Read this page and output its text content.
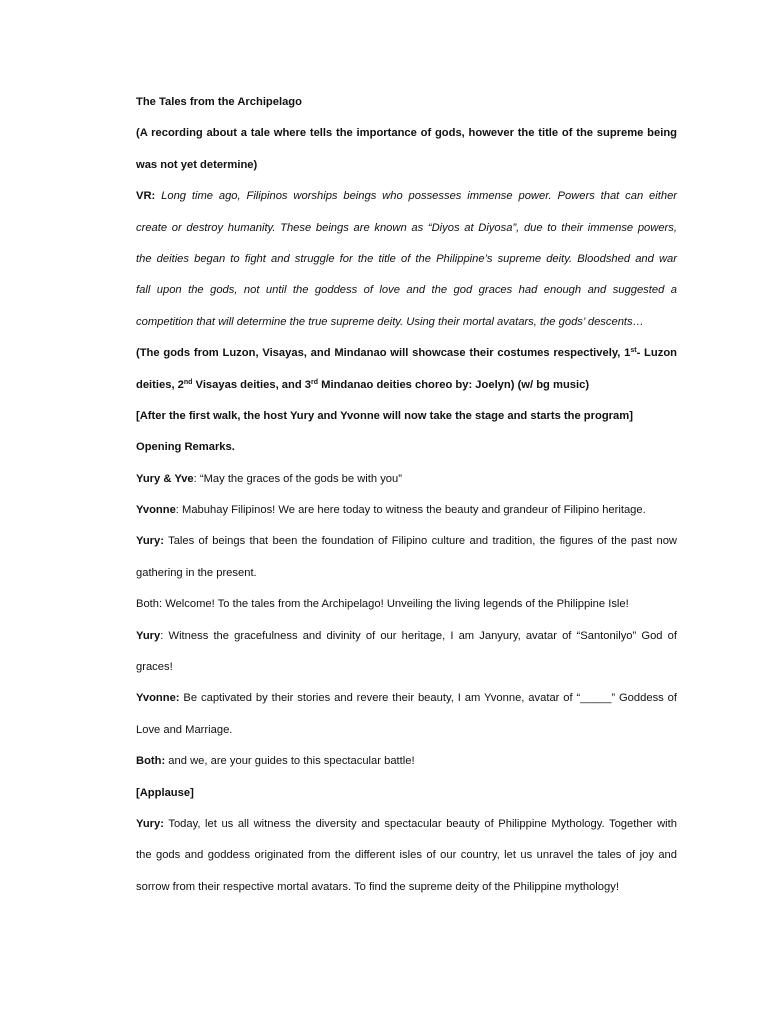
The Tales from the Archipelago
(A recording about a tale where tells the importance of gods, however the title of the supreme being
was not yet determine)
VR: Long time ago, Filipinos worships beings who possesses immense power. Powers that can either
create or destroy humanity. These beings are known as “Diyos at Diyosa”, due to their immense powers,
the deities began to fight and struggle for the title of the Philippine’s supreme deity. Bloodshed and war
fall upon the gods, not until the goddess of love and the god graces had enough and suggested a
competition that will determine the true supreme deity. Using their mortal avatars, the gods’ descents…
(The gods from Luzon, Visayas, and Mindanao will showcase their costumes respectively, 1st- Luzon
deities, 2nd Visayas deities, and 3rd Mindanao deities choreo by: Joelyn) (w/ bg music)
[After the first walk, the host Yury and Yvonne will now take the stage and starts the program]
Opening Remarks.
Yury & Yve: “May the graces of the gods be with you”
Yvonne: Mabuhay Filipinos! We are here today to witness the beauty and grandeur of Filipino heritage.
Yury: Tales of beings that been the foundation of Filipino culture and tradition, the figures of the past now
gathering in the present.
Both: Welcome! To the tales from the Archipelago! Unveiling the living legends of the Philippine Isle!
Yury: Witness the gracefulness and divinity of our heritage, I am Janyury, avatar of “Santonilyo” God of
graces!
Yvonne: Be captivated by their stories and revere their beauty, I am Yvonne, avatar of “_____” Goddess of
Love and Marriage.
Both: and we, are your guides to this spectacular battle!
[Applause]
Yury: Today, let us all witness the diversity and spectacular beauty of Philippine Mythology. Together with
the gods and goddess originated from the different isles of our country, let us unravel the tales of joy and
sorrow from their respective mortal avatars. To find the supreme deity of the Philippine mythology!
